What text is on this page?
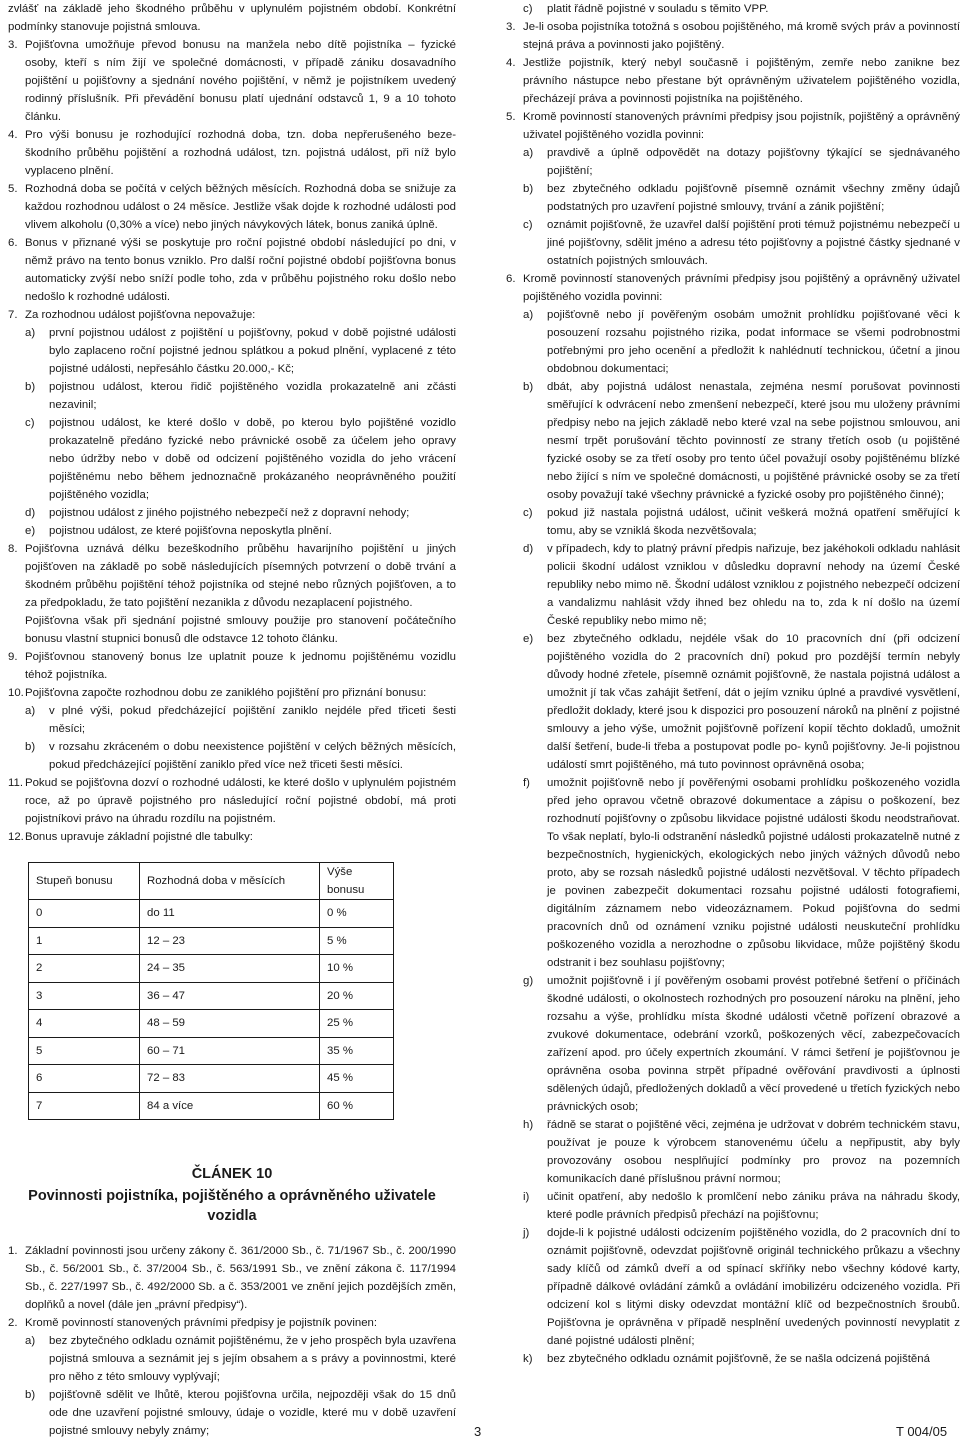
zvlášť na základě jeho škodného průběhu v uplynulém pojistném období. Konkrétní podmínky stanovuje pojistná smlouva.
3. Pojišťovna umožňuje převod bonusu na manžela nebo dítě pojistníka – fyzické osoby, kteří s ním žijí ve společné domácnosti, v případě zániku dosavadního pojištění u pojišťovny a sjednání nového pojištění, v němž je pojistníkem uvedený rodinný příslušník. Při převádění bonusu platí ujednání odstavců 1, 9 a 10 tohoto článku.
4. Pro výši bonusu je rozhodující rozhodná doba, tzn. doba nepřerušeného beze- škodního průběhu pojištění a rozhodná událost, tzn. pojistná událost, při níž bylo vyplaceno plnění.
5. Rozhodná doba se počítá v celých běžných měsících. Rozhodná doba se snižuje za každou rozhodnou událost o 24 měsíce. Jestliže však dojde k rozhodné události pod vlivem alkoholu (0,30% a více) nebo jiných návykových látek, bonus zaniká úplně.
6. Bonus v přiznané výši se poskytuje pro roční pojistné období následující po dni, v němž právo na tento bonus vzniklo. Pro další roční pojistné období pojišťovna bonus automaticky zvýší nebo sníží podle toho, zda v průběhu pojistného roku došlo nebo nedošlo k rozhodné události.
7. Za rozhodnou událost pojišťovna nepovažuje:
a) první pojistnou událost z pojištění u pojišťovny, pokud v době pojistné události bylo zaplaceno roční pojistné jednou splátkou a pokud plnění, vyplacené z této pojistné události, nepřesáhlo částku 20.000,- Kč;
b) pojistnou událost, kterou řidič pojištěného vozidla prokazatelně ani zčásti nezavinil;
c) pojistnou událost, ke které došlo v době, po kterou bylo pojištěné vozidlo prokazatelně předáno fyzické nebo právnické osobě za účelem jeho opravy nebo údržby nebo v době od odcizení pojištěného vozidla do jeho vrácení pojištěnému nebo během jednoznačně prokázaného neoprávněného použití pojištěného vozidla;
d) pojistnou událost z jiného pojistného nebezpečí než z dopravní nehody;
e) pojistnou událost, ze které pojišťovna neposkytla plnění.
8. Pojišťovna uznává délku bezeškodního průběhu havarijního pojištění u jiných pojišťoven na základě po sobě následujících písemných potvrzení o době trvání a škodném průběhu pojištění téhož pojistníka od stejné nebo různých pojišťoven, a to za předpokladu, že tato pojištění nezanikla z důvodu nezaplacení pojistného.
Pojišťovna však při sjednání pojistné smlouvy použije pro stanovení počátečního bonusu vlastní stupnici bonusů dle odstavce 12 tohoto článku.
9. Pojišťovnou stanovený bonus lze uplatnit pouze k jednomu pojištěnému vozidlu téhož pojistníka.
10. Pojišťovna započte rozhodnou dobu ze zaniklého pojištění pro přiznání bonusu:
a) v plné výši, pokud předcházející pojištění zaniklo nejdéle před třiceti šesti měsíci;
b) v rozsahu zkráceném o dobu neexistence pojištění v celých běžných měsících, pokud předcházející pojištění zaniklo před více než třiceti šesti měsíci.
11. Pokud se pojišťovna dozví o rozhodné události, ke které došlo v uplynulém pojistném roce, až po úpravě pojistného pro následující roční pojistné období, má proti pojistníkovi právo na úhradu rozdílu na pojistném.
12. Bonus upravuje základní pojistné dle tabulky:
Stupeň bonusu	Rozhodná doba v měsících	Výše bonusu
0	do 11	0 %
1	12 – 23	5 %
2	24 – 35	10 %
3	36 – 47	20 %
4	48 – 59	25 %
5	60 – 71	35 %
6	72 – 83	45 %
7	84 a více	60 %
ČLÁNEK 10
Povinnosti pojistníka, pojištěného a oprávněného uživatele vozidla
1. Základní povinnosti jsou určeny zákony č. 361/2000 Sb., č. 71/1967 Sb., č. 200/1990 Sb., č. 56/2001 Sb., č. 37/2004 Sb., č. 563/1991 Sb., ve znění zákona č. 117/1994 Sb., č. 227/1997 Sb., č. 492/2000 Sb. a č. 353/2001 ve znění jejich pozdějších změn, doplňků a novel (dále jen „právní předpisy“).
2. Kromě povinností stanovených právními předpisy je pojistník povinen:
a) bez zbytečného odkladu oznámit pojištěnému, že v jeho prospěch byla uzavřena pojistná smlouva a seznámit jej s jejím obsahem a s právy a povinnostmi, které pro něho z této smlouvy vyplývají;
b) pojišťovně sdělit ve lhůtě, kterou pojišťovna určila, nejpozději však do 15 dnů ode dne uzavření pojistné smlouvy, údaje o vozidle, které mu v době uzavření pojistné smlouvy nebyly známy;
c) platit řádně pojistné v souladu s těmito VPP.
3. Je-li osoba pojistníka totožná s osobou pojištěného, má kromě svých práv a povinností stejná práva a povinnosti jako pojištěný.
4. Jestliže pojistník, který nebyl současně i pojištěným, zemře nebo zanikne bez právního nástupce nebo přestane být oprávněným uživatelem pojištěného vozidla, přecházejí práva a povinnosti pojistníka na pojištěného.
5. Kromě povinností stanovených právními předpisy jsou pojistník, pojištěný a oprávněný uživatel pojištěného vozidla povinni:
a) pravdivě a úplně odpovědět na dotazy pojišťovny týkající se sjednávaného pojištění;
b) bez zbytečného odkladu pojišťovně písemně oznámit všechny změny údajů podstatných pro uzavření pojistné smlouvy, trvání a zánik pojištění;
c) oznámit pojišťovně, že uzavřel další pojištění proti témuž pojistnému nebezpečí u jiné pojišťovny, sdělit jméno a adresu této pojišťovny a pojistné částky sjednané v ostatních pojistných smlouvách.
6. Kromě povinností stanovených právními předpisy jsou pojištěný a oprávněný uživatel pojištěného vozidla povinni:
a) pojišťovně nebo jí pověřeným osobám umožnit prohlídku pojišťované věci k posouzení rozsahu pojistného rizika, podat informace se všemi podrobnostmi potřebnými pro jeho ocenění a předložit k nahlédnutí technickou, účetní a jinou obdobnou dokumentaci;
b) dbát, aby pojistná událost nenastala, zejména nesmí porušovat povinnosti směřující k odvrácení nebo zmenšení nebezpečí, které jsou mu uloženy právními předpisy nebo na jejich základě nebo které vzal na sebe pojistnou smlouvou, ani nesmí trpět porušování těchto povinností ze strany třetích osob (u pojištěné fyzické osoby se za třetí osoby pro tento účel považují osoby pojištěnému blízké nebo žijící s ním ve společné domácnosti, u pojištěné právnické osoby se za třetí osoby považují také všechny právnické a fyzické osoby pro pojištěného činné);
c) pokud již nastala pojistná událost, učinit veškerá možná opatření směřující k tomu, aby se vzniklá škoda nezvětšovala;
d) v případech, kdy to platný právní předpis nařizuje, bez jakéhokoli odkladu nahlásit policii škodní událost vzniklou v důsledku dopravní nehody na území České republiky nebo mimo ně. Škodní událost vzniklou z pojistného nebezpečí odcizení a vandalizmu nahlásit vždy ihned bez ohledu na to, zda k ní došlo na území České republiky nebo mimo ně;
e) bez zbytečného odkladu, nejdéle však do 10 pracovních dní (při odcizení pojištěného vozidla do 2 pracovních dní) pokud pro pozdější termín nebyly důvody hodné zřetele, písemně oznámit pojišťovně, že nastala pojistná událost a umožnit jí tak včas zahájit šetření, dát o jejím vzniku úplné a pravdivé vysvětlení, předložit doklady, které jsou k dispozici pro posouzení nároků na plnění z pojistné smlouvy a jeho výše, umožnit pojišťovně pořízení kopií těchto dokladů, umožnit další šetření, bude-li třeba a postupovat podle po- kynů pojišťovny. Je-li pojistnou událostí smrt pojištěného, má tuto povinnost oprávněná osoba;
f) umožnit pojišťovně nebo jí pověřenými osobami prohlídku poškozeného vozidla před jeho opravou včetně obrazové dokumentace a zápisu o poškození, bez rozhodnutí pojišťovny o způsobu likvidace pojistné události škodu neodstraňovat. To však neplatí, bylo-li odstranění následků pojistné události prokazatelně nutné z bezpečnostních, hygienických, ekologických nebo jiných vážných důvodů nebo proto, aby se rozsah následků pojistné události nezvětšoval. V těchto případech je povinen zabezpečit dokumentaci rozsahu pojistné události fotografiemi, digitálním záznamem nebo videozáznamem. Pokud pojišťovna do sedmi pracovních dnů od oznámení vzniku pojistné události neuskuteční prohlídku poškozeného vozidla a nerozhodne o způsobu likvidace, může pojištěný škodu odstranit i bez souhlasu pojišťovny;
g) umožnit pojišťovně i jí pověřeným osobami provést potřebné šetření o příčinách škodné události, o okolnostech rozhodných pro posouzení nároku na plnění, jeho rozsahu a výše, prohlídku místa škodné události včetně pořízení obrazové a zvukové dokumentace, odebrání vzorků, poškozených věcí, zabezpečovacích zařízení apod. pro účely expertních zkoumání. V rámci šetření je pojišťovnou je oprávněna osoba povinna strpět případné ověřování pravdivosti a úplnosti sdělených údajů, předložených dokladů a věcí provedené u třetích fyzických nebo právnických osob;
h) řádně se starat o pojištěné věci, zejména je udržovat v dobrém technickém stavu, používat je pouze k výrobcem stanovenému účelu a nepřipustit, aby byly provozovány osobou nesplňující podmínky pro provoz na pozemních komunikacích dané příslušnou právní normou;
i) učinit opatření, aby nedošlo k promlčení nebo zániku práva na náhradu škody, které podle právních předpisů přechází na pojišťovnu;
j) dojde-li k pojistné události odcizením pojištěného vozidla, do 2 pracovních dní to oznámit pojišťovně, odevzdat pojišťovně originál technického průkazu a všechny sady klíčů od zámků dveří a od spínací skříňky nebo všechny kódové karty, případně dálkové ovládání zámků a ovládání imobilizéru odcizeného vozidla. Při odcizení kol s litými disky odevzdat montážní klíč od bezpečnostních šroubů. Pojišťovna je oprávněna v případě nesplnění uvedených povinností nevyplatit z dané pojistné události plnění;
k) bez zbytečného odkladu oznámit pojišťovně, že se našla odcizená pojištěná
3	T 004/05
